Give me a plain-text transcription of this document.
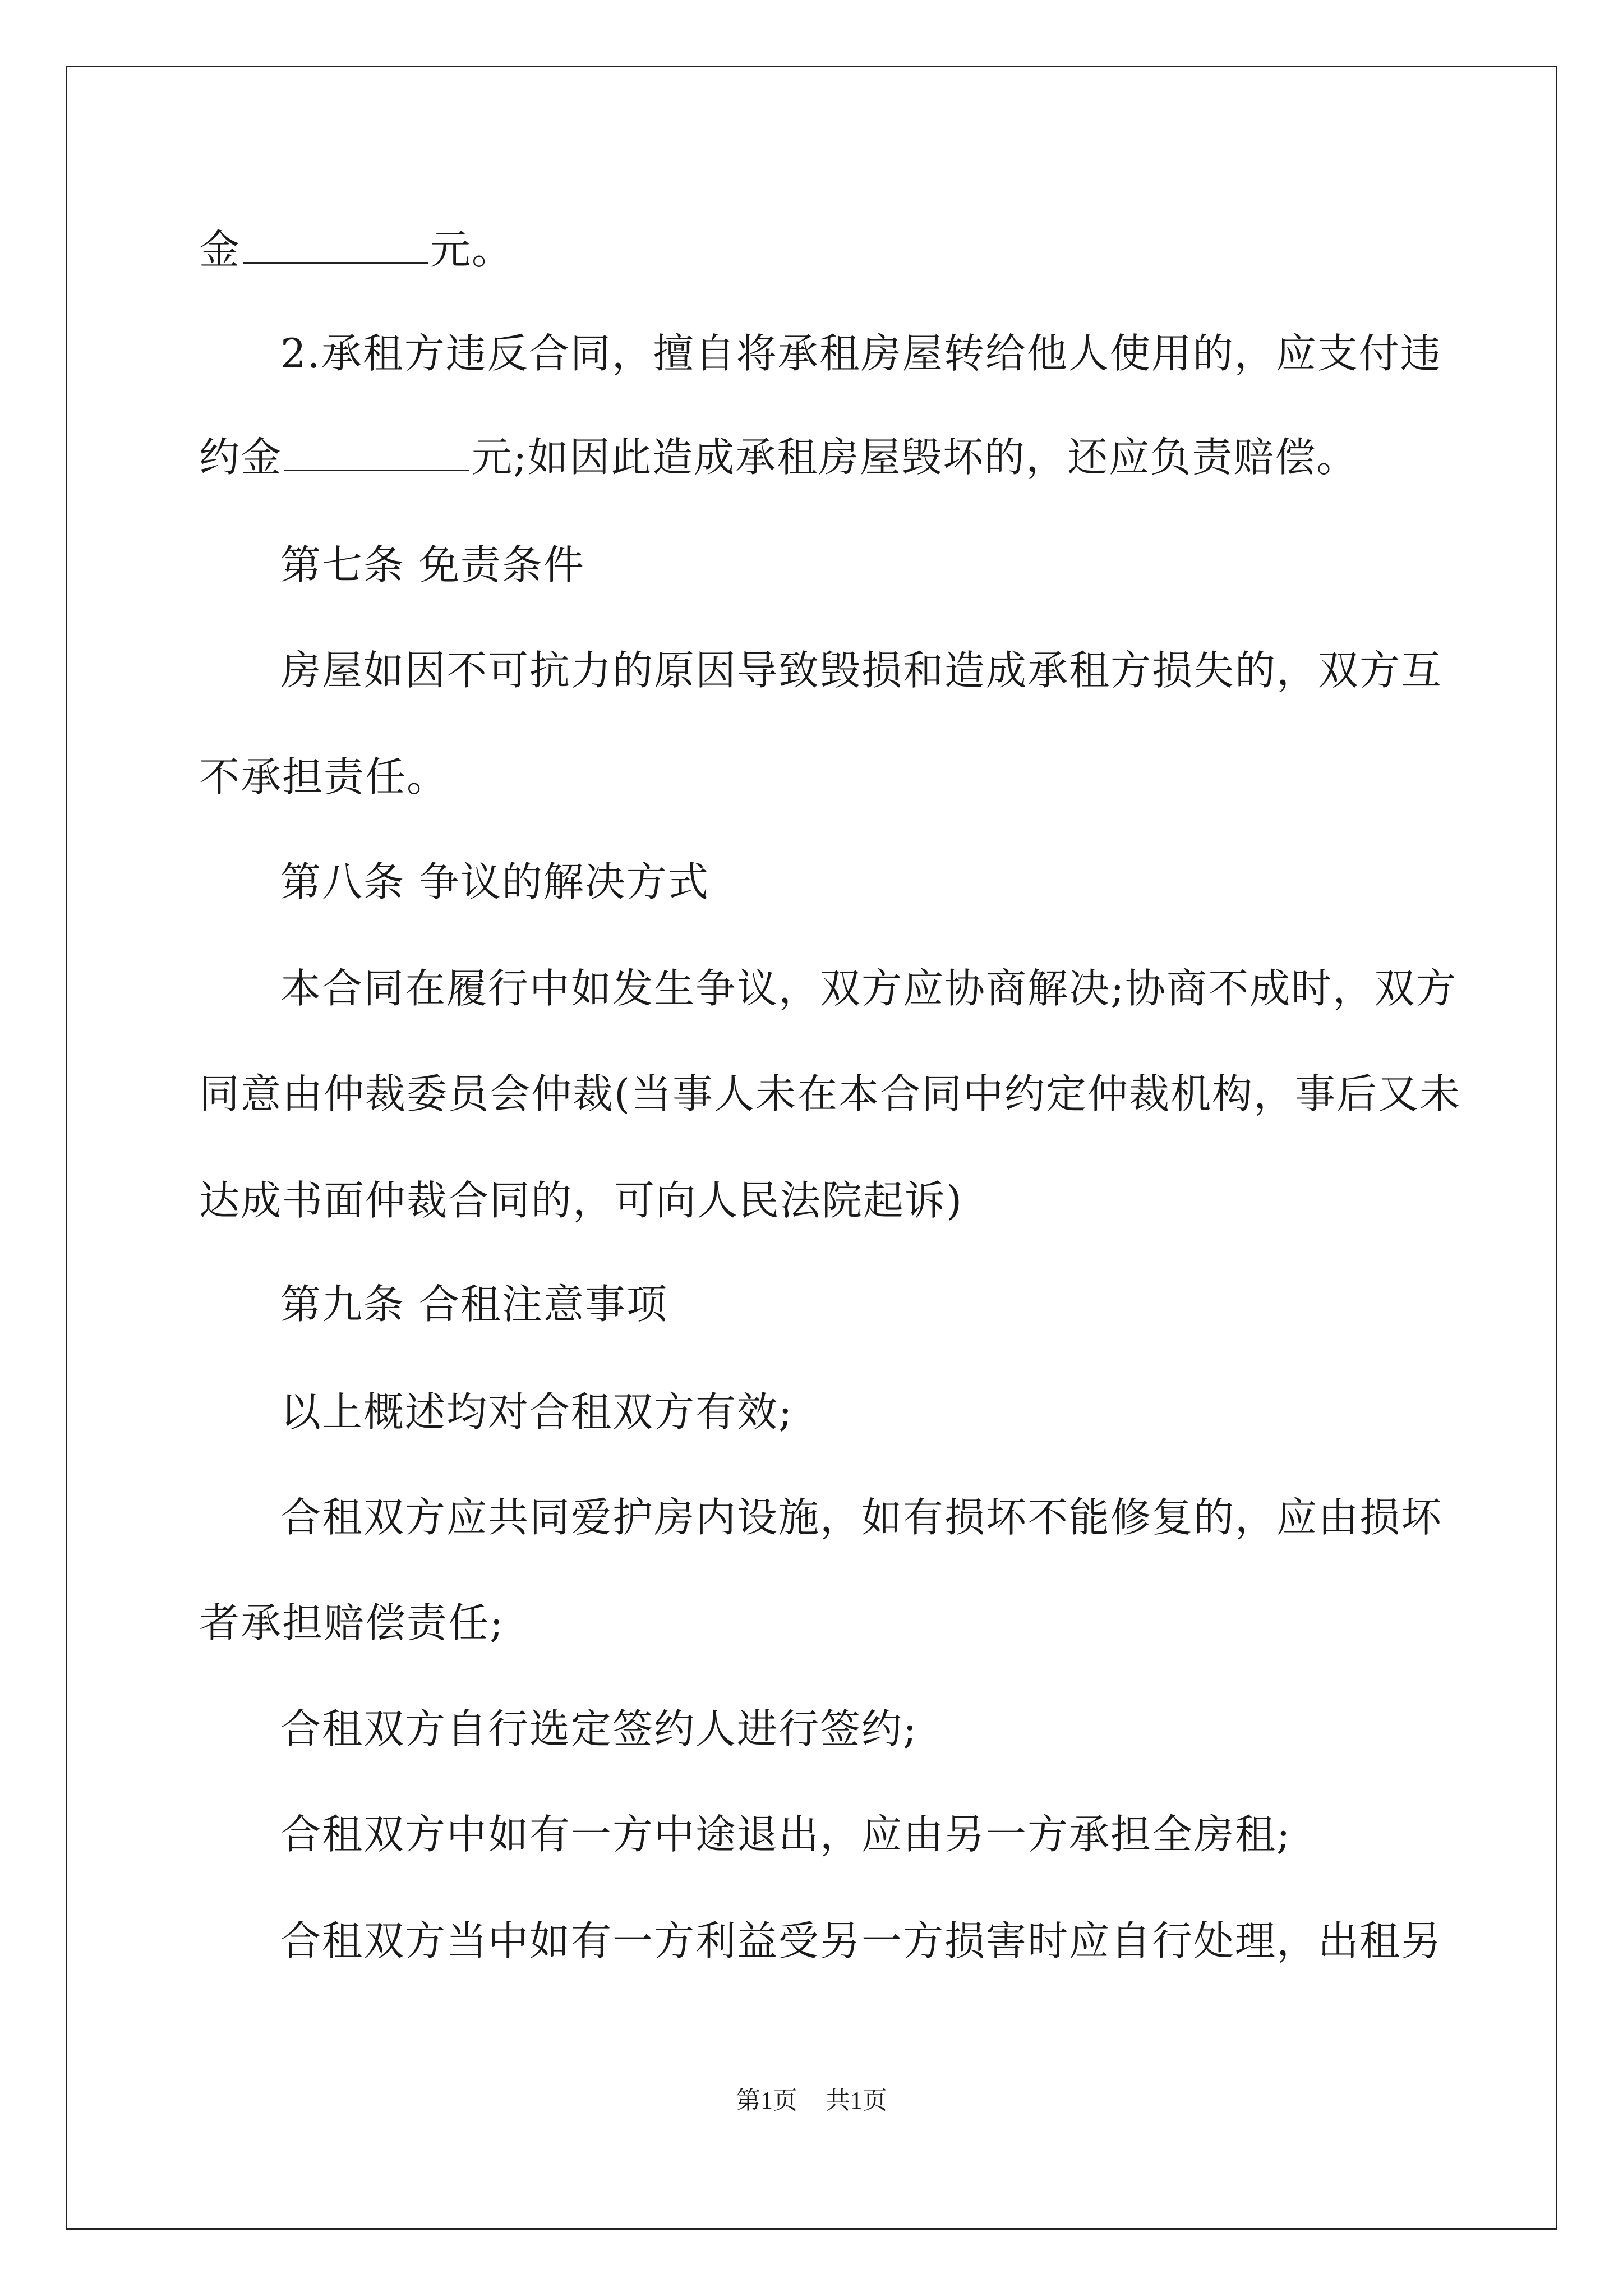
金	元。
2.承租方违反合同，擅自将承租房屋转给他人使用的，应支付违
约金	元;如因此造成承租房屋毁坏的，还应负责赔偿。
第七条 免责条件
房屋如因不可抗力的原因导致毁损和造成承租方损失的，双方互
不承担责任。
第八条 争议的解决方式
本合同在履行中如发生争议，双方应协商解决;协商不成时，双方
同意由仲裁委员会仲裁(当事人未在本合同中约定仲裁机构，事后又未
达成书面仲裁合同的，可向人民法院起诉)
第九条 合租注意事项
以上概述均对合租双方有效;
合租双方应共同爱护房内设施，如有损坏不能修复的，应由损坏
者承担赔偿责任;
合租双方自行选定签约人进行签约;
合租双方中如有一方中途退出，应由另一方承担全房租;
合租双方当中如有一方利益受另一方损害时应自行处理，出租另
第1页 共1页
